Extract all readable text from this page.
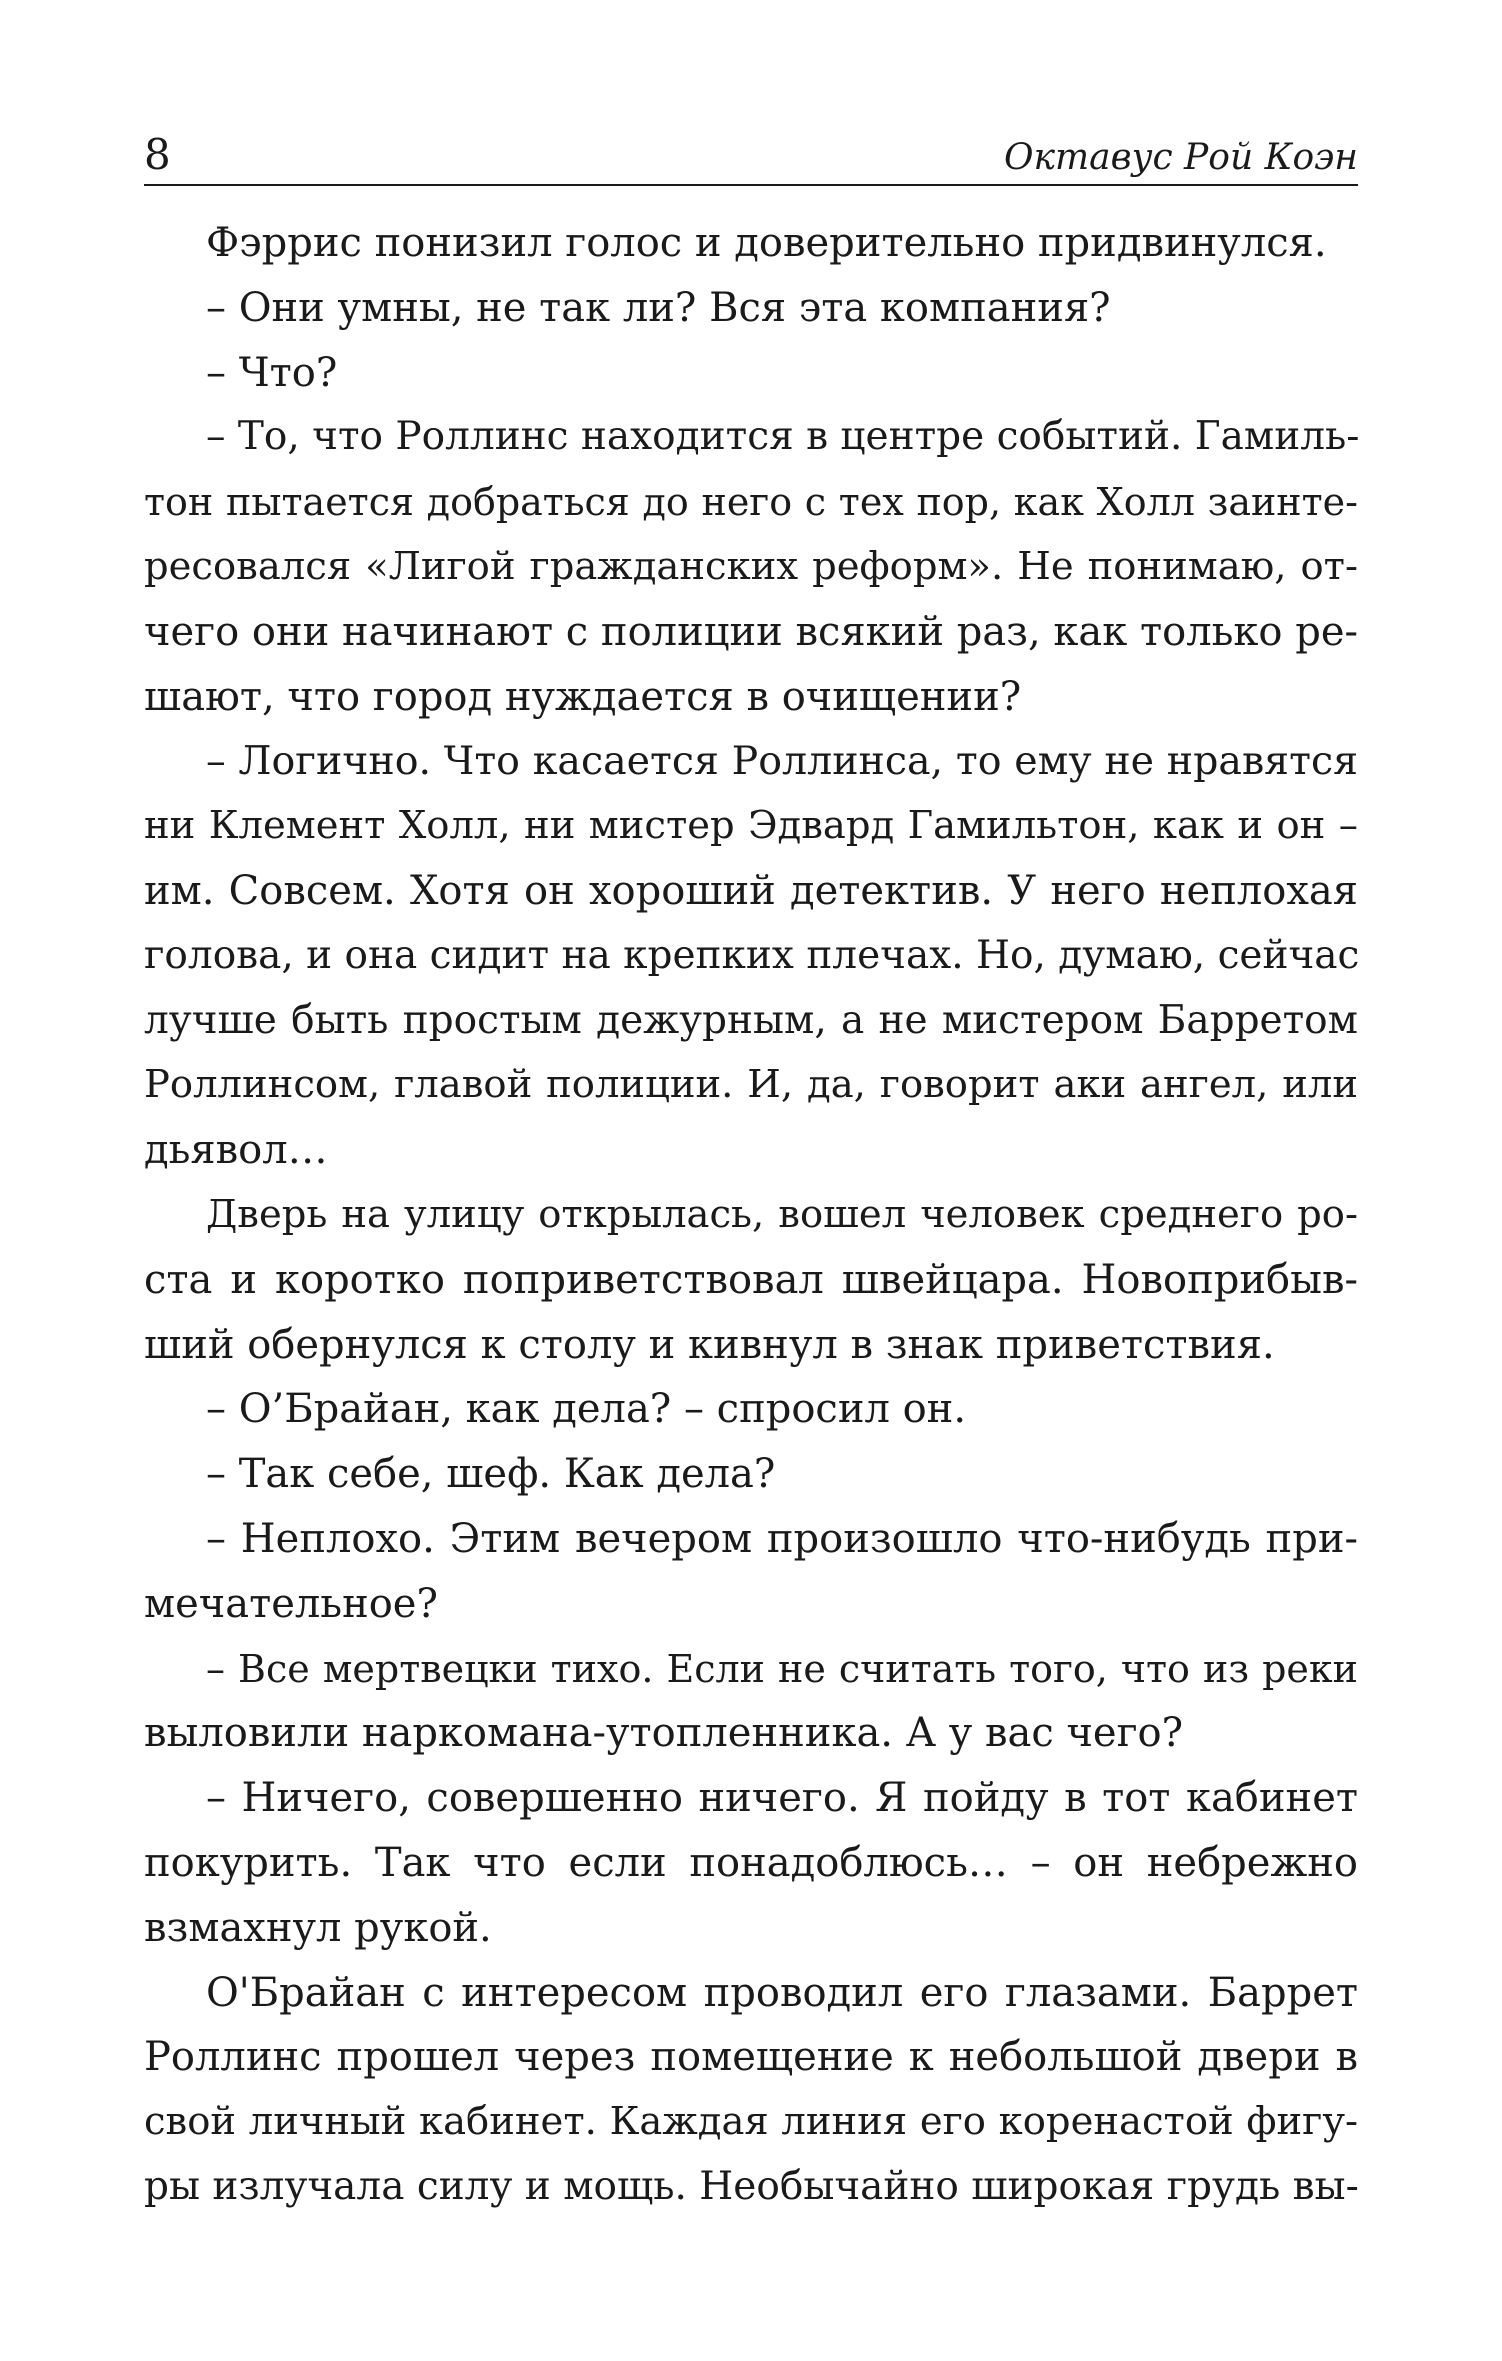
8	Октавус Рой Коэн
Фэррис понизил голос и доверительно придвинулся.
– Они умны, не так ли? Вся эта компания?
– Что?
– То, что Роллинс находится в центре событий. Гамиль-
тон пытается добраться до него с тех пор, как Холл заинте-
ресовался «Лигой гражданских реформ». Не понимаю, от-
чего они начинают с полиции всякий раз, как только ре-
шают, что город нуждается в очищении?
– Логично. Что касается Роллинса, то ему не нравятся
ни Клемент Холл, ни мистер Эдвард Гамильтон, как и он –
им. Совсем. Хотя он хороший детектив. У него неплохая
голова, и она сидит на крепких плечах. Но, думаю, сейчас
лучше быть простым дежурным, а не мистером Барретом
Роллинсом, главой полиции. И, да, говорит аки ангел, или
дьявол…
Дверь на улицу открылась, вошел человек среднего ро-
ста и коротко поприветствовал швейцара. Новоприбыв-
ший обернулся к столу и кивнул в знак приветствия.
– О’Брайан, как дела? – спросил он.
– Так себе, шеф. Как дела?
– Неплохо. Этим вечером произошло что-нибудь при-
мечательное?
– Все мертвецки тихо. Если не считать того, что из реки
выловили наркомана-утопленника. А у вас чего?
– Ничего, совершенно ничего. Я пойду в тот кабинет
покурить. Так что если понадоблюсь… – он небрежно
взмахнул рукой.
О'Брайан с интересом проводил его глазами. Баррет
Роллинс прошел через помещение к небольшой двери в
свой личный кабинет. Каждая линия его коренастой фигу-
ры излучала силу и мощь. Необычайно широкая грудь вы-
